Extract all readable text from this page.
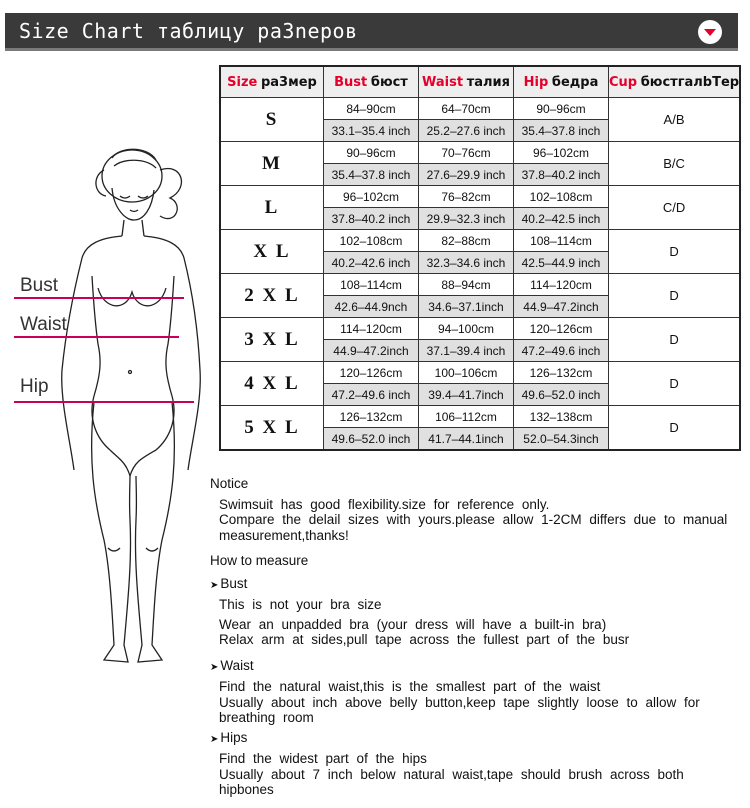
Size Chart таблицу pa3nepoв
Bust
Waist
Hip
Size pa3мep	Bust бюст	Waist талия	Hip бедра	Cup бюстгалbТер
S	84–90cm	64–70cm	90–96cm	A/B
	33.1–35.4 inch	25.2–27.6 inch	35.4–37.8 inch	
M	90–96cm	70–76cm	96–102cm	B/C
	35.4–37.8 inch	27.6–29.9 inch	37.8–40.2 inch	
L	96–102cm	76–82cm	102–108cm	C/D
	37.8–40.2 inch	29.9–32.3 inch	40.2–42.5 inch	
X L	102–108cm	82–88cm	108–114cm	D
	40.2–42.6 inch	32.3–34.6 inch	42.5–44.9 inch	
2 X L	108–114cm	88–94cm	114–120cm	D
	42.6–44.9nch	34.6–37.1inch	44.9–47.2inch	
3 X L	114–120cm	94–100cm	120–126cm	D
	44.9–47.2inch	37.1–39.4 inch	47.2–49.6 inch	
4 X L	120–126cm	100–106cm	126–132cm	D
	47.2–49.6 inch	39.4–41.7inch	49.6–52.0 inch	
5 X L	126–132cm	106–112cm	132–138cm	D
	49.6–52.0 inch	41.7–44.1inch	52.0–54.3inch	
Notice
Swimsuit has good flexibility.size for reference only.
Compare the delail sizes with yours.please allow 1-2CM differs due to manual measurement,thanks!
How to measure
➤ Bust
This is not your bra size
Wear an unpadded bra (your dress will have a built-in bra)
Relax arm at sides,pull tape across the fullest part of the busr
➤ Waist
Find the natural waist,this is the smallest part of the waist
Usually about inch above belly button,keep tape slightly loose to allow for breathing room
➤ Hips
Find the widest part of the hips
Usually about 7 inch below natural waist,tape should brush across both hipbones
